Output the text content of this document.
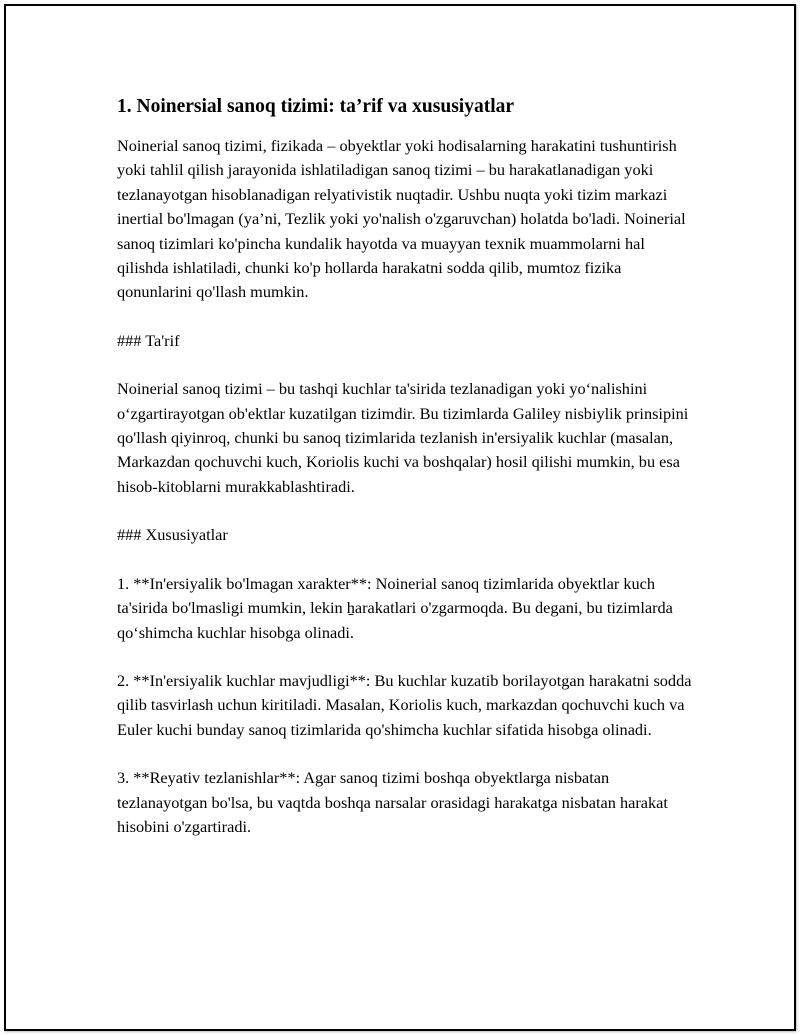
1. Noinersial sanoq tizimi: ta’rif va xususiyatlar

Noinerial sanoq tizimi, fizikada – obyektlar yoki hodisalarning harakatini tushuntirish yoki tahlil qilish jarayonida ishlatiladigan sanoq tizimi – bu harakatlanadigan yoki tezlanayotgan hisoblanadigan relyativistik nuqtadir. Ushbu nuqta yoki tizim markazi inertial bo'lmagan (ya’ni, Tezlik yoki yo'nalish o'zgaruvchan) holatda bo'ladi. Noinerial sanoq tizimlari ko'pincha kundalik hayotda va muayyan texnik muammolarni hal qilishda ishlatiladi, chunki ko'p hollarda harakatni sodda qilib, mumtoz fizika qonunlarini qo'llash mumkin.

### Ta'rif

Noinerial sanoq tizimi – bu tashqi kuchlar ta'sirida tezlanadigan yoki yo‘nalishini o‘zgartirayotgan ob'ektlar kuzatilgan tizimdir. Bu tizimlarda Galiley nisbiylik prinsipini qo'llash qiyinroq, chunki bu sanoq tizimlarida tezlanish in'ersiyalik kuchlar (masalan, Markazdan qochuvchi kuch, Koriolis kuchi va boshqalar) hosil qilishi mumkin, bu esa hisob-kitoblarni murakkablashtiradi.

### Xususiyatlar

1. **In'ersiyalik bo'lmagan xarakter**: Noinerial sanoq tizimlarida obyektlar kuch ta'sirida bo'lmasligi mumkin, lekin ẖarakatlari o'zgarmoqda. Bu degani, bu tizimlarda qo‘shimcha kuchlar hisobga olinadi.

2. **In'ersiyalik kuchlar mavjudligi**: Bu kuchlar kuzatib borilayotgan harakatni sodda qilib tasvirlash uchun kiritiladi. Masalan, Koriolis kuch, markazdan qochuvchi kuch va Euler kuchi bunday sanoq tizimlarida qo'shimcha kuchlar sifatida hisobga olinadi.

3. **Reyativ tezlanishlar**: Agar sanoq tizimi boshqa obyektlarga nisbatan tezlanayotgan bo'lsa, bu vaqtda boshqa narsalar orasidagi harakatga nisbatan harakat hisobini o'zgartiradi.
